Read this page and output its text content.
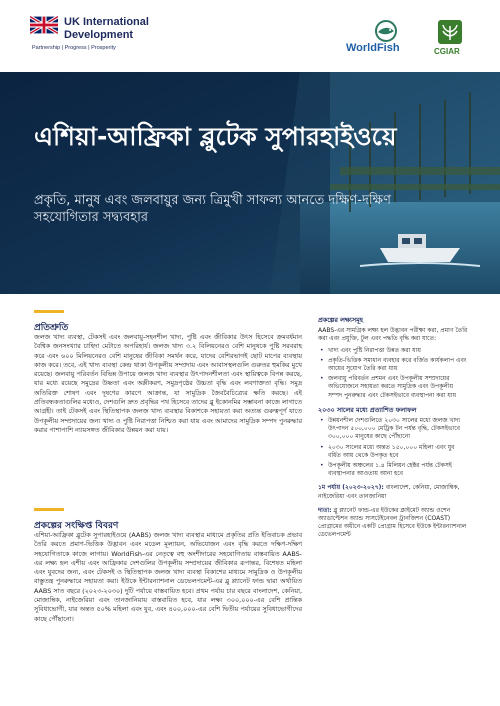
UK International
Development
Partnership | Progress | Prosperity	WorldFish	CGIAR
এশিয়া-আফ্রিকা ব্লুটেক সুপারহাইওয়ে
প্রকৃতি, মানুষ এবং জলবায়ুর জন্য ত্রিমুখী সাফল্য আনতে দক্ষিণ-দক্ষিণ সহযোগিতার সদ্ব্যবহার
প্রতিশ্রুতি

জলজ খাদ্য ব্যবস্থা, টেকসই এবং জলবায়ু-সহনশীল খাদ্য, পুষ্টি এবং জীবিকার উৎস হিসেবে ক্রমবর্ধমান বৈশ্বিক জনসংখ্যার চাহিদা মেটাতে অপরিহার্য। জলজ খাদ্য ৩.২ বিলিয়নেরও বেশি মানুষকে পুষ্টি সরবরাহ করে এবং ৬০০ মিলিয়নেরও বেশি মানুষের জীবিকা সমর্থন করে, যাদের বেশিরভাগই ছোট মাপের ব্যবস্থায় কাজ করে। তবে, এই খাদ্য ব্যবস্থা কেন্দ্র থাকা উপকূলীয় সম্প্রদায় এবং আবাসস্থলগুলি গুরুতর হুমকির মুখে রয়েছে। জলবায়ু পরিবর্তন বিভিন্ন উপায়ে জলজ খাদ্য ব্যবস্থার উৎপাদনশীলতা এবং স্থায়িত্বকে বিপন্ন করছে, যার মধ্যে রয়েছে সমুদ্রের উষ্ণতা এবং অম্লীকরণ, সমুদ্রপৃষ্ঠের উচ্চতা বৃদ্ধি এবং লবণাক্ততা বৃদ্ধি। সমুদ্র অতিরিক্ত শোষণ এবং দূষণের কারণে আক্রান্ত, যা সামুদ্রিক জৈববৈচিত্র্যের ক্ষতি করছে। এই প্রতিবন্ধকতাগুলির মধ্যেও, দেশগুলি দ্রুত প্রবৃদ্ধির পথ হিসেবে তাদের ব্লু ইকোনমির সম্ভাবনা কাজে লাগাতে আগ্রহী। তাই টেকসই এবং স্থিতিস্থাপক জলজ খাদ্য ব্যবস্থার বিকাশকে সহায়তা করা অত্যন্ত গুরুত্বপূর্ণ যাতে উপকূলীয় সম্প্রদায়ের জন্য খাদ্য ও পুষ্টি নিরাপত্তা নিশ্চিত করা যায় এবং আমাদের সামুদ্রিক সম্পদ পুনরুদ্ধার করার পাশাপাশি ন্যায়সঙ্গত জীবিকার উন্নয়ন করা যায়।

প্রকল্পের সংক্ষিপ্ত বিবরণ

এশিয়া-আফ্রিকা ব্লুটেক সুপারহাইওয়ে (AABS) জলজ খাদ্য ব্যবস্থার মাধ্যমে প্রকৃতির প্রতি ইতিবাচক প্রভাব তৈরি করতে প্রমাণ-ভিত্তিক উদ্ভাবন এবং মডেল মূল্যায়ন, অভিযোজন এবং বৃদ্ধি করতে দক্ষিণ-দক্ষিণ সহযোগিতাকে কাজে লাগায়। WorldFish-এর নেতৃত্বে বহু অংশীদারের সহযোগিতায় বাস্তবায়িত AABS-এর লক্ষ্য হল এশীয় এবং আফ্রিকার দেশগুলির উপকূলীয় সম্প্রদায়ের জীবিকার রূপান্তর, বিশেষত মহিলা এবং যুবদের জন্য, এবং টেকসই ও স্থিতিস্থাপক জলজ খাদ্য ব্যবস্থা বিকাশের মাধ্যমে সামুদ্রিক ও উপকূলীয় বাস্তুতন্ত্র পুনরুদ্ধারে সহায়তা করা। ইউকে ইন্টারন্যাশনাল ডেভেলপমেন্ট-এর ব্লু প্ল্যানেট ফান্ড দ্বারা অর্থায়িত AABS সাত বছরে (২০২৩-২০৩০) দুটি পর্যায়ে বাস্তবায়িত হবে। প্রথম পর্যায় চার বছরে বাংলাদেশ, কেনিয়া, মোজাম্বিক, নাইজেরিয়া এবং তানজানিয়ায় বাস্তবায়িত হবে, যার লক্ষ্য ৩০০,০০০-এর বেশি প্রান্তিক সুবিধাভোগী, যার অন্তত ৫০% মহিলা এবং যুব, এবং ৪০০,০০০-এর বেশি দ্বিতীয় পর্যায়ের সুবিধাভোগীদের কাছে পৌঁছানো।

প্রকল্পের লক্ষ্যসমূহ
AABS-এর সামগ্রিক লক্ষ্য হল উদ্ভাবন পরীক্ষা করা, প্রমাণ তৈরি করা এবং প্রযুক্তি, টুল এবং পদ্ধতি বৃদ্ধি করা যাতে:
• খাদ্য এবং পুষ্টি নিরাপত্তা উন্নত করা যায়
• প্রকৃতি-ভিত্তিক সমাধান ব্যবহার করে বর্জিত কার্যকলাপ এবং আয়ের সুযোগ তৈরি করা যায়
• জলবায়ু পরিবর্তন প্রশমন এবং উপকূলীয় সম্প্রদায়ের অভিযোজনে সহায়তা করতে সামুদ্রিক এবং উপকূলীয় সম্পদ পুনরুদ্ধার এবং টেকসইভাবে ব্যবস্থাপনা করা যায়
২০৩০ সালের মধ্যে প্রত্যাশিত ফলাফল
• উন্নয়নশীল দেশগুলিতে ২০৩০ সালের মধ্যে জলজ খাদ্য উৎপাদন ৫০০,০০০ মেট্রিক টন পর্যন্ত বৃদ্ধি, টেকসইভাবে ৩০০,০০০ মানুষের কাছে পৌঁছানো
• ২০৩০ সালের মধ্যে অন্তত ১৫০,০০০ মহিলা এবং যুব বর্ধিত আয় থেকে উপকৃত হবে
• উপকূলীয় অঞ্চলের ১.৪ মিলিয়ন হেক্টর পর্যন্ত টেকসই ব্যবস্থাপনার আওতায় আনা হবে
১ম পর্যায় (২০২৩-২০২৭): বাংলাদেশ, কেনিয়া, মোজাম্বিক, নাইজেরিয়া এবং তানজানিয়া
দাতা: ব্লু প্ল্যানেট ফান্ড-এর ইউকের ক্লাইমেট অ্যান্ড ওশেন অ্যাডাপ্টেশন অ্যান্ড সাসটেইনেবল ট্রানজিশন (COAST) প্রোগ্রামের অধীনে একটি প্রোগ্রাম হিসেবে ইউকে ইন্টারন্যাশনাল ডেভেলপমেন্ট
